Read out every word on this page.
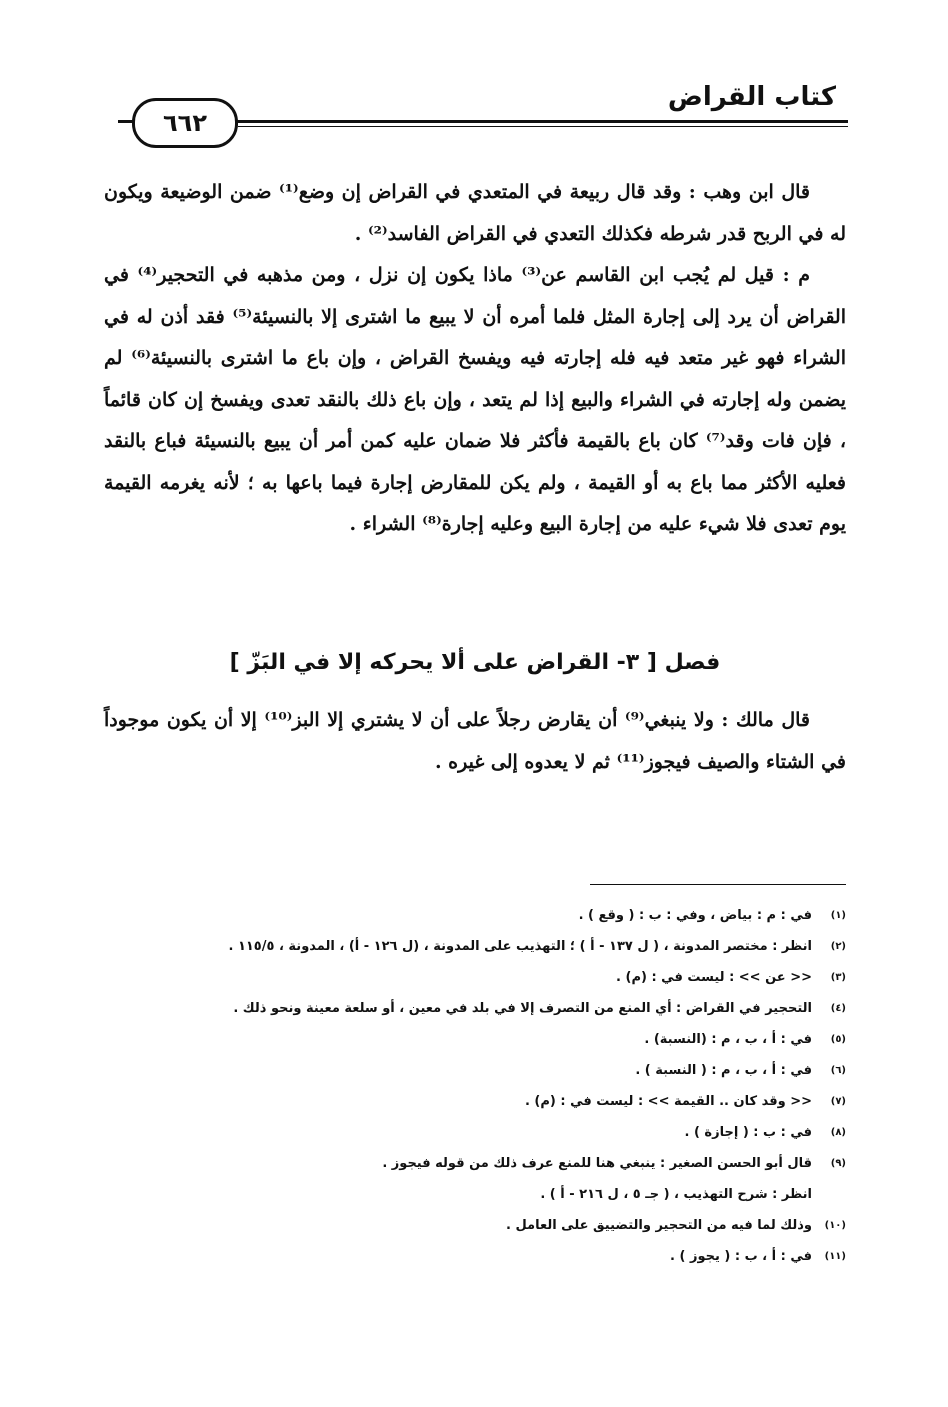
كتاب القراض
٦٦٢

قال ابن وهب : وقد قال ربيعة في المتعدي في القراض إن وضع⁽¹⁾ ضمن الوضيعة ويكون له في الربح قدر شرطه فكذلك التعدي في القراض الفاسد⁽²⁾ .

م : قيل لم يُجب ابن القاسم عن⁽³⁾ ماذا يكون إن نزل ، ومن مذهبه في التحجير⁽⁴⁾ في القراض أن يرد إلى إجارة المثل فلما أمره أن لا يبيع ما اشترى إلا بالنسيئة⁽⁵⁾ فقد أذن له في الشراء فهو غير متعد فيه فله إجارته فيه ويفسخ القراض ، وإن باع ما اشترى بالنسيئة⁽⁶⁾ لم يضمن وله إجارته في الشراء والبيع إذا لم يتعد ، وإن باع ذلك بالنقد تعدى ويفسخ إن كان قائماً ، فإن فات وقد⁽⁷⁾ كان باع بالقيمة فأكثر فلا ضمان عليه كمن أمر أن يبيع بالنسيئة فباع بالنقد فعليه الأكثر مما باع به أو القيمة ، ولم يكن للمقارض إجارة فيما باعها به ؛ لأنه يغرمه القيمة يوم تعدى فلا شيء عليه من إجارة البيع وعليه إجارة⁽⁸⁾ الشراء .

فصل [ ٣- القراض على ألا يحركه إلا في البَزّ ]

قال مالك : ولا ينبغي⁽⁹⁾ أن يقارض رجلاً على أن لا يشتري إلا البز⁽¹⁰⁾ إلا أن يكون موجوداً في الشتاء والصيف فيجوز⁽¹¹⁾ ثم لا يعدوه إلى غيره .

(١)
في : م : بياض ، وفي : ب : ( وقع ) .
(٢)
انظر : مختصر المدونة ، ( ل ١٣٧ - أ ) ؛ التهذيب على المدونة ، (ل ١٢٦ - أ) ، المدونة ، ١١٥/٥ .
(٣)
<< عن >> : ليست في : (م) .
(٤)
التحجير في القراض : أي المنع من التصرف إلا في بلد في معين ، أو سلعة معينة ونحو ذلك .
(٥)
في : أ ، ب ، م : (النسبة) .
(٦)
في : أ ، ب ، م : ( النسبة ) .
(٧)
<< وقد كان .. القيمة >> : ليست في : (م) .
(٨)
في : ب : ( إجازة ) .
(٩)
قال أبو الحسن الصغير : ينبغي هنا للمنع عرف ذلك من قوله فيجوز .
انظر : شرح التهذيب ، ( جـ ٥ ، ل ٢١٦ - أ ) .
(١٠)
وذلك لما فيه من التحجير والتضييق على العامل .
(١١)
في : أ ، ب : ( يجوز ) .
